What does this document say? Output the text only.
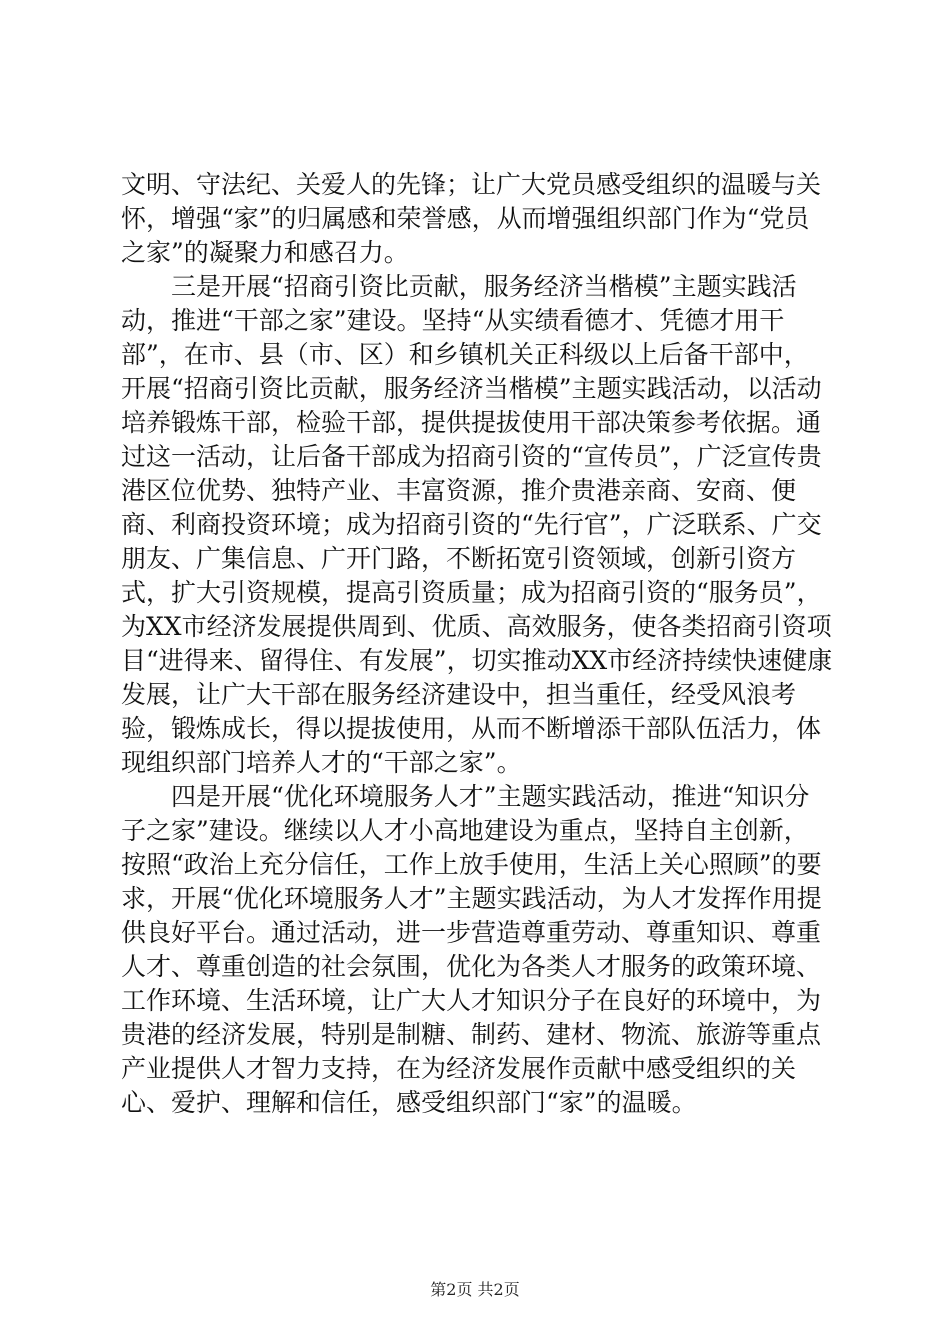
文明、守法纪、关爱人的先锋；让广大党员感受组织的温暖与关怀，增强“家”的归属感和荣誉感，从而增强组织部门作为“党员之家”的凝聚力和感召力。

三是开展“招商引资比贡献，服务经济当楷模”主题实践活动，推进“干部之家”建设。坚持“从实绩看德才、凭德才用干部”，在市、县（市、区）和乡镇机关正科级以上后备干部中，开展“招商引资比贡献，服务经济当楷模”主题实践活动，以活动培养锻炼干部，检验干部，提供提拔使用干部决策参考依据。通过这一活动，让后备干部成为招商引资的“宣传员”，广泛宣传贵港区位优势、独特产业、丰富资源，推介贵港亲商、安商、便商、利商投资环境；成为招商引资的“先行官”，广泛联系、广交朋友、广集信息、广开门路，不断拓宽引资领域，创新引资方式，扩大引资规模，提高引资质量；成为招商引资的“服务员”，为XX市经济发展提供周到、优质、高效服务，使各类招商引资项目“进得来、留得住、有发展”，切实推动XX市经济持续快速健康发展，让广大干部在服务经济建设中，担当重任，经受风浪考验，锻炼成长，得以提拔使用，从而不断增添干部队伍活力，体现组织部门培养人才的“干部之家”。

四是开展“优化环境服务人才”主题实践活动，推进“知识分子之家”建设。继续以人才小高地建设为重点，坚持自主创新，按照“政治上充分信任，工作上放手使用，生活上关心照顾”的要求，开展“优化环境服务人才”主题实践活动，为人才发挥作用提供良好平台。通过活动，进一步营造尊重劳动、尊重知识、尊重人才、尊重创造的社会氛围，优化为各类人才服务的政策环境、工作环境、生活环境，让广大人才知识分子在良好的环境中，为贵港的经济发展，特别是制糖、制药、建材、物流、旅游等重点产业提供人才智力支持，在为经济发展作贡献中感受组织的关心、爱护、理解和信任，感受组织部门“家”的温暖。

第2页 共2页
